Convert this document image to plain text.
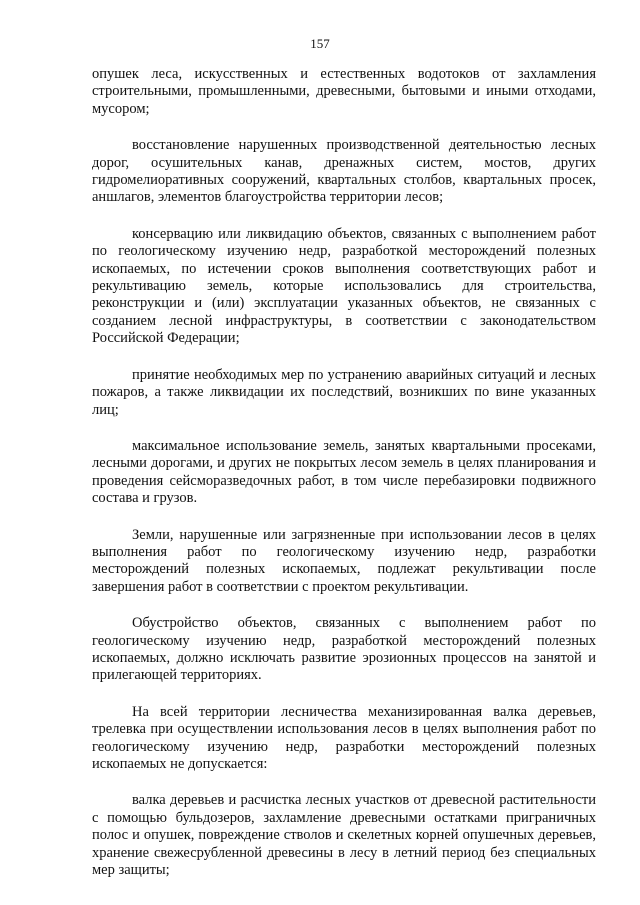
157

опушек леса, искусственных и естественных водотоков от захламления строительными, промышленными, древесными, бытовыми и иными отходами, мусором;

восстановление нарушенных производственной деятельностью лесных дорог, осушительных канав, дренажных систем, мостов, других гидромелиоративных сооружений, квартальных столбов, квартальных просек, аншлагов, элементов благоустройства территории лесов;

консервацию или ликвидацию объектов, связанных с выполнением работ по геологическому изучению недр, разработкой месторождений полезных ископаемых, по истечении сроков выполнения соответствующих работ и рекультивацию земель, которые использовались для строительства, реконструкции и (или) эксплуатации указанных объектов, не связанных с созданием лесной инфраструктуры, в соответствии с законодательством Российской Федерации;

принятие необходимых мер по устранению аварийных ситуаций и лесных пожаров, а также ликвидации их последствий, возникших по вине указанных лиц;

максимальное использование земель, занятых квартальными просеками, лесными дорогами, и других не покрытых лесом земель в целях планирования и проведения сейсморазведочных работ, в том числе перебазировки подвижного состава и грузов.

Земли, нарушенные или загрязненные при использовании лесов в целях выполнения работ по геологическому изучению недр, разработки месторождений полезных ископаемых, подлежат рекультивации после завершения работ в соответствии с проектом рекультивации.

Обустройство объектов, связанных с выполнением работ по геологическому изучению недр, разработкой месторождений полезных ископаемых, должно исключать развитие эрозионных процессов на занятой и прилегающей территориях.

На всей территории лесничества механизированная валка деревьев, трелевка при осуществлении использования лесов в целях выполнения работ по геологическому изучению недр, разработки месторождений полезных ископаемых не допускается:

валка деревьев и расчистка лесных участков от древесной растительности с помощью бульдозеров, захламление древесными остатками приграничных полос и опушек, повреждение стволов и скелетных корней опушечных деревьев, хранение свежесрубленной древесины в лесу в летний период без специальных мер защиты;
